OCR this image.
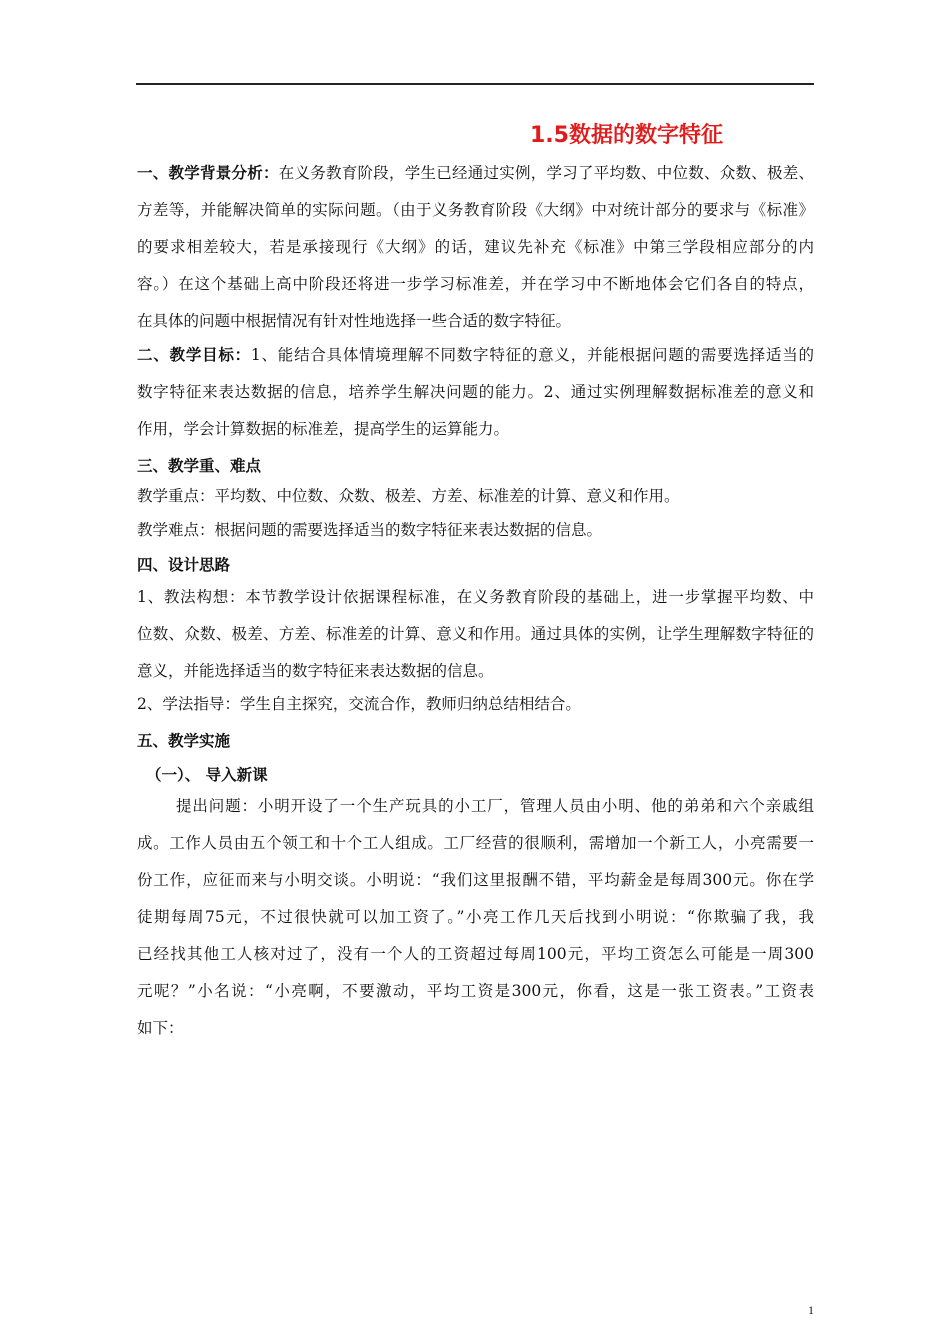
1.5数据的数字特征
一、教学背景分析：在义务教育阶段，学生已经通过实例，学习了平均数、中位数、众数、极差、
方差等，并能解决简单的实际问题。（由于义务教育阶段《大纲》中对统计部分的要求与《标准》
的要求相差较大，若是承接现行《大纲》的话，建议先补充《标准》中第三学段相应部分的内
容。）在这个基础上高中阶段还将进一步学习标准差，并在学习中不断地体会它们各自的特点，
在具体的问题中根据情况有针对性地选择一些合适的数字特征。
二、教学目标：1、能结合具体情境理解不同数字特征的意义，并能根据问题的需要选择适当的
数字特征来表达数据的信息，培养学生解决问题的能力。2、通过实例理解数据标准差的意义和
作用，学会计算数据的标准差，提高学生的运算能力。
三、教学重、难点
教学重点：平均数、中位数、众数、极差、方差、标准差的计算、意义和作用。
教学难点：根据问题的需要选择适当的数字特征来表达数据的信息。
四、设计思路
1、教法构想：本节教学设计依据课程标准，在义务教育阶段的基础上，进一步掌握平均数、中
位数、众数、极差、方差、标准差的计算、意义和作用。通过具体的实例，让学生理解数字特征的
意义，并能选择适当的数字特征来表达数据的信息。
2、学法指导：学生自主探究，交流合作，教师归纳总结相结合。
五、教学实施
（一）、 导入新课
提出问题：小明开设了一个生产玩具的小工厂，管理人员由小明、他的弟弟和六个亲戚组
成。工作人员由五个领工和十个工人组成。工厂经营的很顺利，需增加一个新工人，小亮需要一
份工作，应征而来与小明交谈。小明说：“我们这里报酬不错，平均薪金是每周300元。你在学
徒期每周75元，不过很快就可以加工资了。”小亮工作几天后找到小明说：“你欺骗了我，我
已经找其他工人核对过了，没有一个人的工资超过每周100元，平均工资怎么可能是一周300
元呢？”小名说：“小亮啊，不要激动，平均工资是300元，你看，这是一张工资表。”工资表
如下：
1
